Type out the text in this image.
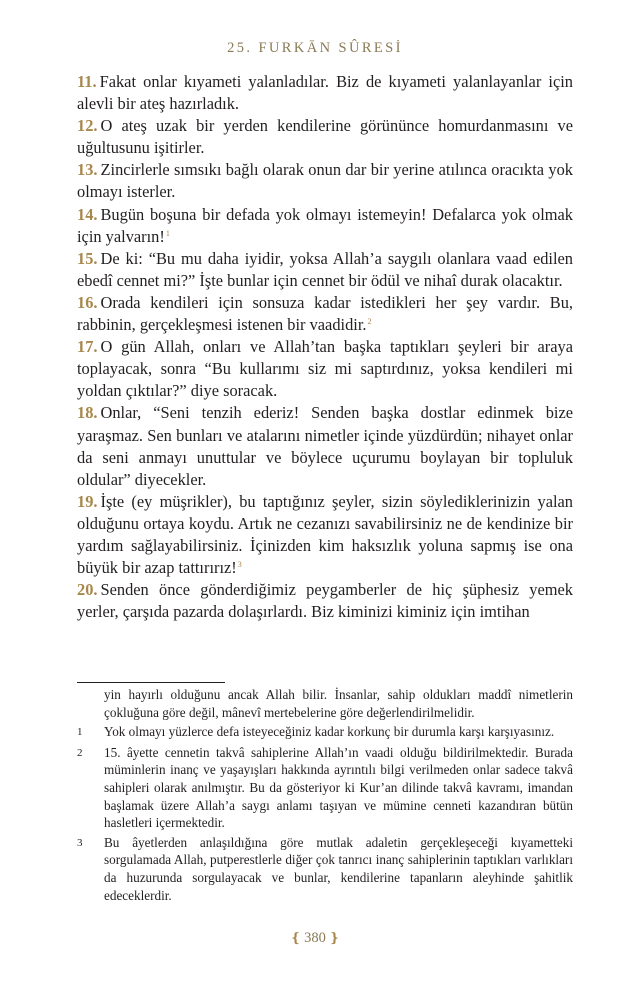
25. FURKĀN SÛRESİ

11. Fakat onlar kıyameti yalanladılar. Biz de kıyameti yalanlayanlar için alevli bir ateş hazırladık.

12. O ateş uzak bir yerden kendilerine görününce homurdanmasını ve uğultusunu işitirler.

13. Zincirlerle sımsıkı bağlı olarak onun dar bir yerine atılınca oracıkta yok olmayı isterler.

14. Bugün boşuna bir defada yok olmayı istemeyin! Defalarca yok olmak için yalvarın!$^1$

15. De ki: “Bu mu daha iyidir, yoksa Allah’a saygılı olanlara vaad edilen ebedî cennet mi?” İşte bunlar için cennet bir ödül ve nihaî durak olacaktır.

16. Orada kendileri için sonsuza kadar istedikleri her şey vardır. Bu, rabbinin, gerçekleşmesi istenen bir vaadidir.$^2$

17. O gün Allah, onları ve Allah’tan başka taptıkları şeyleri bir araya toplayacak, sonra “Bu kullarımı siz mi saptırdınız, yoksa kendileri mi yoldan çıktılar?” diye soracak.

18. Onlar, “Seni tenzih ederiz! Senden başka dostlar edinmek bize yaraşmaz. Sen bunları ve atalarını nimetler içinde yüzdürdün; nihayet onlar da seni anmayı unuttular ve böylece uçurumu boylayan bir topluluk oldular” diyecekler.

19. İşte (ey müşrikler), bu taptığınız şeyler, sizin söylediklerinizin yalan olduğunu ortaya koydu. Artık ne cezanızı savabilirsiniz ne de kendinize bir yardım sağlayabilirsiniz. İçinizden kim haksızlık yoluna sapmış ise ona büyük bir azap tattırırız!$^3$

20. Senden önce gönderdiğimiz peygamberler de hiç şüphesiz yemek yerler, çarşıda pazarda dolaşırlardı. Biz kiminizi kiminiz için imtihan

yin hayırlı olduğunu ancak Allah bilir. İnsanlar, sahip oldukları maddî nimetlerin çokluğuna göre değil, mânevî mertebelerine göre değerlendirilmelidir.
1	Yok olmayı yüzlerce defa isteyeceğiniz kadar korkunç bir durumla karşı karşıyasınız.
2	15. âyette cennetin takvâ sahiplerine Allah’ın vaadi olduğu bildirilmektedir. Burada müminlerin inanç ve yaşayışları hakkında ayrıntılı bilgi verilmeden onlar sadece takvâ sahipleri olarak anılmıştır. Bu da gösteriyor ki Kur’an dilinde takvâ kavramı, imandan başlamak üzere Allah’a saygı anlamı taşıyan ve mümine cenneti kazandıran bütün hasletleri içermektedir.
3	Bu âyetlerden anlaşıldığına göre mutlak adaletin gerçekleşeceği kıyametteki sorgulamada Allah, putperestlerle diğer çok tanrıcı inanç sahiplerinin taptıkları varlıkları da huzurunda sorgulayacak ve bunlar, kendilerine tapanların aleyhinde şahitlik edeceklerdir.
❴ 380 ❵
